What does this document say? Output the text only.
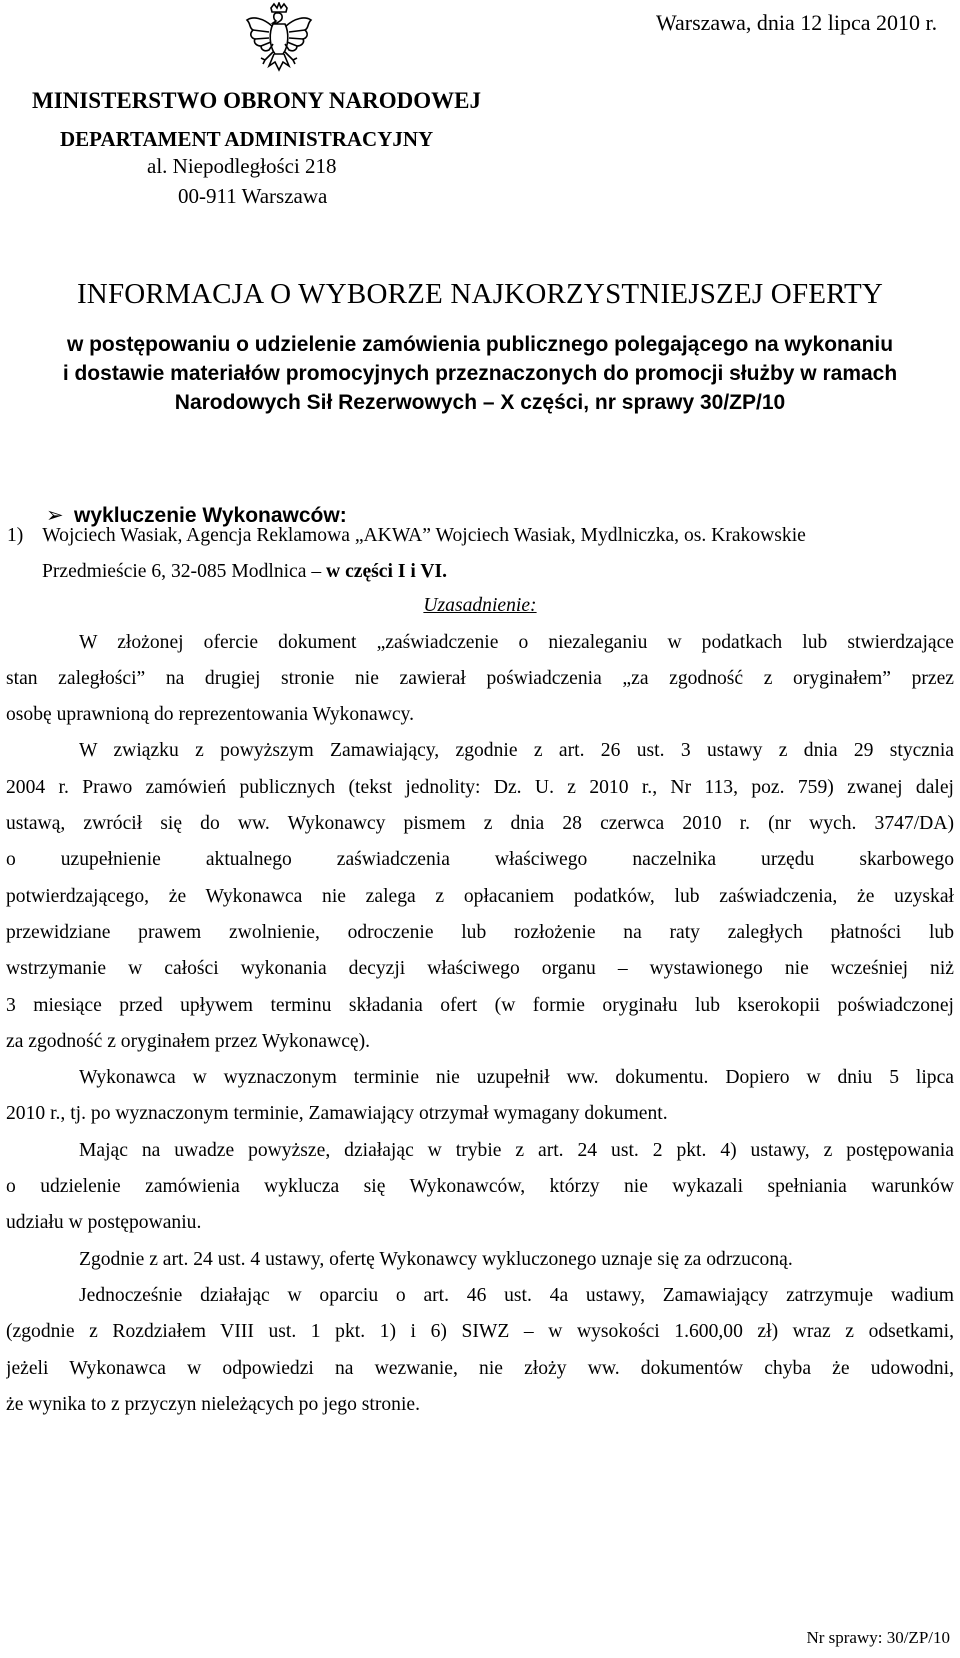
Warszawa, dnia 12 lipca 2010 r.
MINISTERSTWO OBRONY NARODOWEJ
DEPARTAMENT ADMINISTRACYJNY
al. Niepodległości 218
00-911 Warszawa
INFORMACJA O WYBORZE NAJKORZYSTNIEJSZEJ OFERTY
w postępowaniu o udzielenie zamówienia publicznego polegającego na wykonaniu
i dostawie materiałów promocyjnych przeznaczonych do promocji służby w ramach
Narodowych Sił Rezerwowych – X części, nr sprawy 30/ZP/10
➢ wykluczenie Wykonawców:
1) Wojciech Wasiak, Agencja Reklamowa „AKWA” Wojciech Wasiak, Mydlniczka, os. Krakowskie
Przedmieście 6, 32-085 Modlnica – w części I i VI.
Uzasadnienie:
W złożonej ofercie dokument „zaświadczenie o niezaleganiu w podatkach lub stwierdzające
stan zaległości” na drugiej stronie nie zawierał poświadczenia „za zgodność z oryginałem” przez
osobę uprawnioną do reprezentowania Wykonawcy.
W związku z powyższym Zamawiający, zgodnie z art. 26 ust. 3 ustawy z dnia 29 stycznia
2004 r. Prawo zamówień publicznych (tekst jednolity: Dz. U. z 2010 r., Nr 113, poz. 759) zwanej dalej
ustawą, zwrócił się do ww. Wykonawcy pismem z dnia 28 czerwca 2010 r. (nr wych. 3747/DA)
o uzupełnienie aktualnego zaświadczenia właściwego naczelnika urzędu skarbowego
potwierdzającego, że Wykonawca nie zalega z opłacaniem podatków, lub zaświadczenia, że uzyskał
przewidziane prawem zwolnienie, odroczenie lub rozłożenie na raty zaległych płatności lub
wstrzymanie w całości wykonania decyzji właściwego organu – wystawionego nie wcześniej niż
3 miesiące przed upływem terminu składania ofert (w formie oryginału lub kserokopii poświadczonej
za zgodność z oryginałem przez Wykonawcę).
Wykonawca w wyznaczonym terminie nie uzupełnił ww. dokumentu. Dopiero w dniu 5 lipca
2010 r., tj. po wyznaczonym terminie, Zamawiający otrzymał wymagany dokument.
Mając na uwadze powyższe, działając w trybie z art. 24 ust. 2 pkt. 4) ustawy, z postępowania
o udzielenie zamówienia wyklucza się Wykonawców, którzy nie wykazali spełniania warunków
udziału w postępowaniu.
Zgodnie z art. 24 ust. 4 ustawy, ofertę Wykonawcy wykluczonego uznaje się za odrzuconą.
Jednocześnie działając w oparciu o art. 46 ust. 4a ustawy, Zamawiający zatrzymuje wadium
(zgodnie z Rozdziałem VIII ust. 1 pkt. 1) i 6) SIWZ – w wysokości 1.600,00 zł) wraz z odsetkami,
jeżeli Wykonawca w odpowiedzi na wezwanie, nie złoży ww. dokumentów chyba że udowodni,
że wynika to z przyczyn nieleżących po jego stronie.
Nr sprawy: 30/ZP/10
